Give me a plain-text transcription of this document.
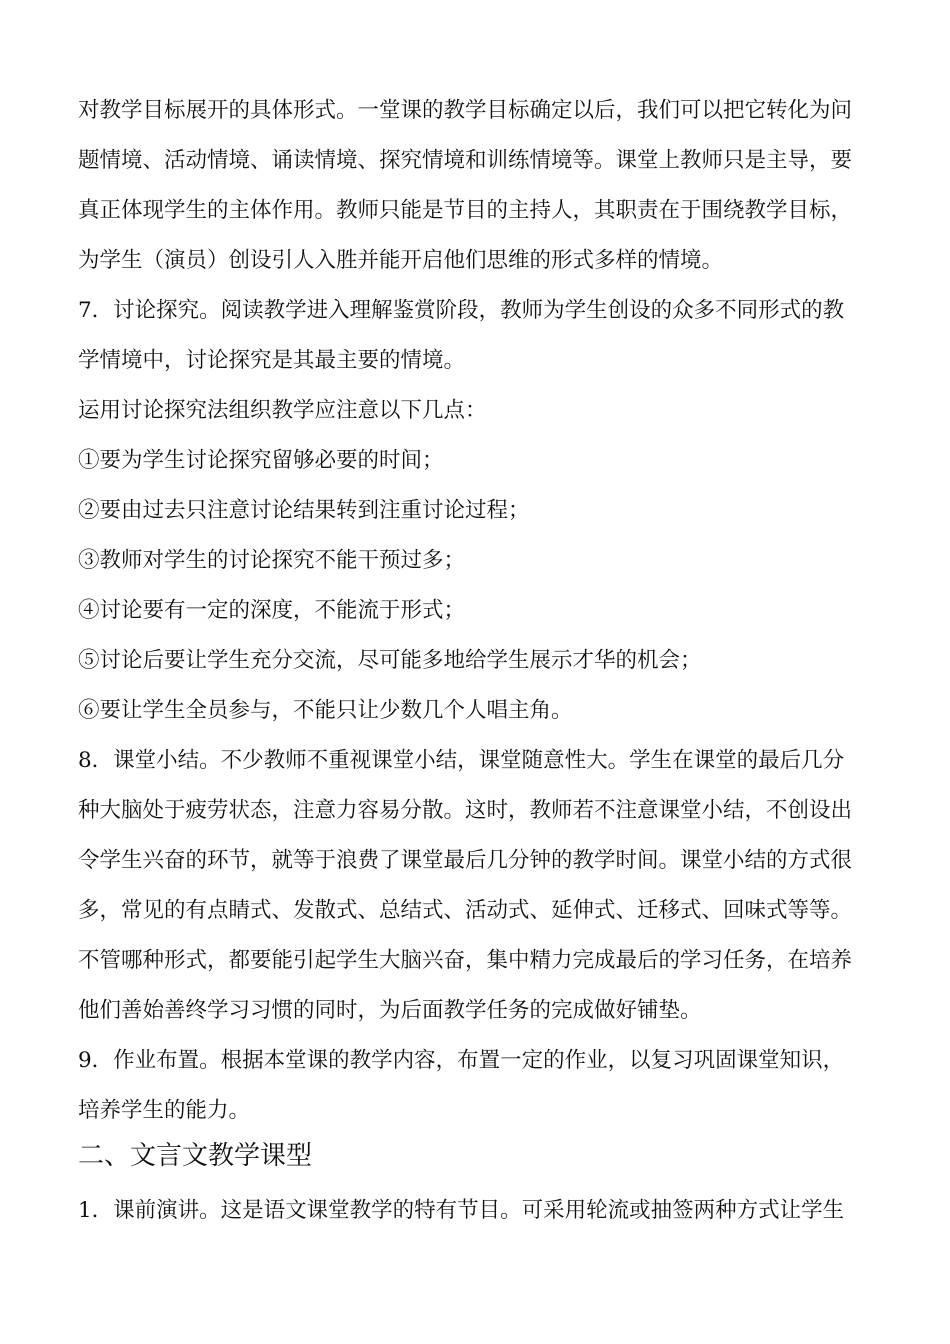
对教学目标展开的具体形式。一堂课的教学目标确定以后，我们可以把它转化为问
题情境、活动情境、诵读情境、探究情境和训练情境等。课堂上教师只是主导，要
真正体现学生的主体作用。教师只能是节目的主持人，其职责在于围绕教学目标，
为学生（演员）创设引人入胜并能开启他们思维的形式多样的情境。
7．讨论探究。阅读教学进入理解鉴赏阶段，教师为学生创设的众多不同形式的教
学情境中，讨论探究是其最主要的情境。
运用讨论探究法组织教学应注意以下几点：
①要为学生讨论探究留够必要的时间；
②要由过去只注意讨论结果转到注重讨论过程；
③教师对学生的讨论探究不能干预过多；
④讨论要有一定的深度，不能流于形式；
⑤讨论后要让学生充分交流，尽可能多地给学生展示才华的机会；
⑥要让学生全员参与，不能只让少数几个人唱主角。
8．课堂小结。不少教师不重视课堂小结，课堂随意性大。学生在课堂的最后几分
种大脑处于疲劳状态，注意力容易分散。这时，教师若不注意课堂小结，不创设出
令学生兴奋的环节，就等于浪费了课堂最后几分钟的教学时间。课堂小结的方式很
多，常见的有点睛式、发散式、总结式、活动式、延伸式、迁移式、回味式等等。
不管哪种形式，都要能引起学生大脑兴奋，集中精力完成最后的学习任务，在培养
他们善始善终学习习惯的同时，为后面教学任务的完成做好铺垫。
9．作业布置。根据本堂课的教学内容，布置一定的作业，以复习巩固课堂知识，
培养学生的能力。
二、文言文教学课型
1．课前演讲。这是语文课堂教学的特有节目。可采用轮流或抽签两种方式让学生
